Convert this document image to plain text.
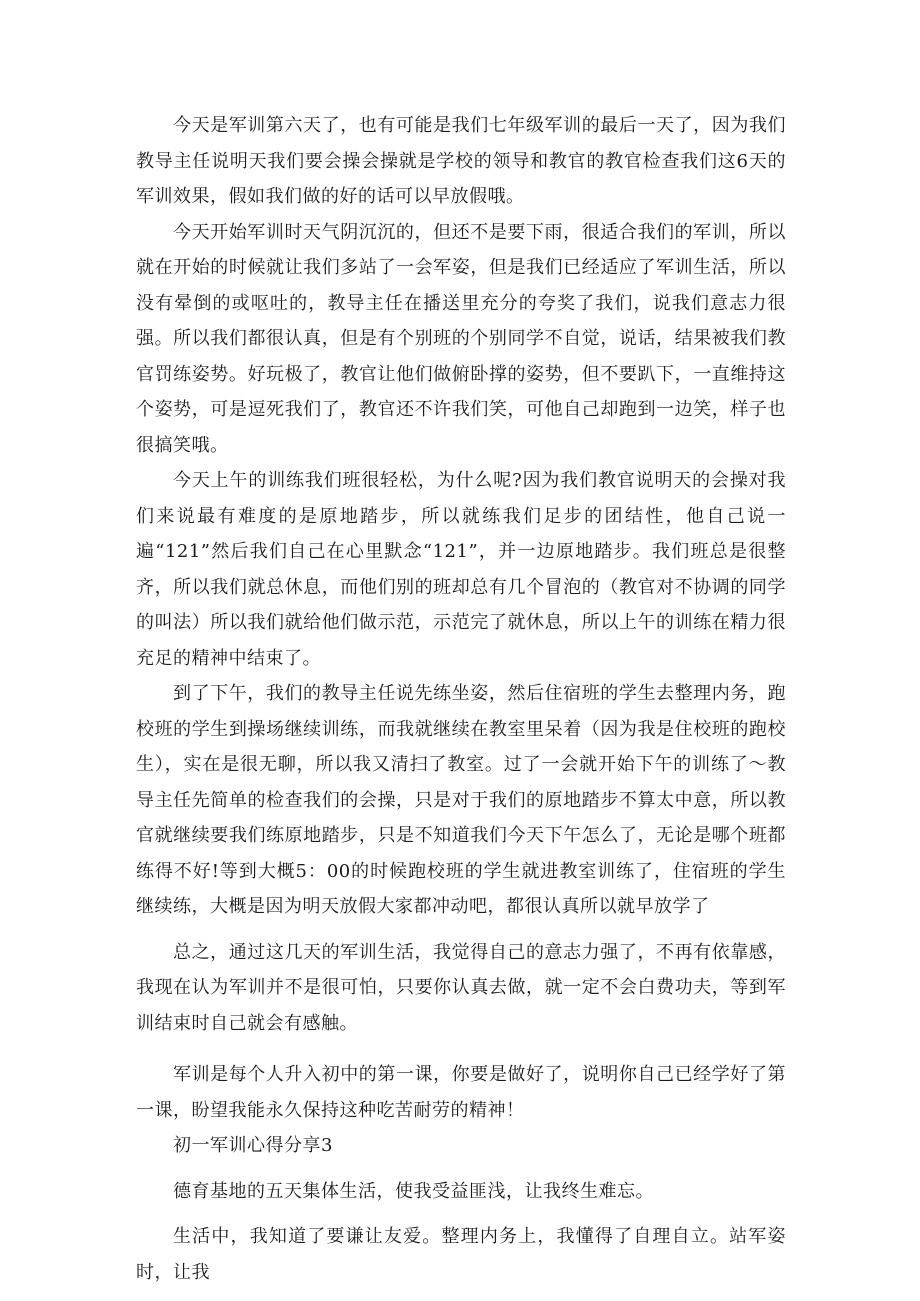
今天是军训第六天了，也有可能是我们七年级军训的最后一天了，因为我们教导主任说明天我们要会操会操就是学校的领导和教官的教官检查我们这6天的军训效果，假如我们做的好的话可以早放假哦。

今天开始军训时天气阴沉沉的，但还不是要下雨，很适合我们的军训，所以就在开始的时候就让我们多站了一会军姿，但是我们已经适应了军训生活，所以没有晕倒的或呕吐的，教导主任在播送里充分的夸奖了我们，说我们意志力很强。所以我们都很认真，但是有个别班的个别同学不自觉，说话，结果被我们教官罚练姿势。好玩极了，教官让他们做俯卧撑的姿势，但不要趴下，一直维持这个姿势，可是逗死我们了，教官还不许我们笑，可他自己却跑到一边笑，样子也很搞笑哦。

今天上午的训练我们班很轻松，为什么呢?因为我们教官说明天的会操对我们来说最有难度的是原地踏步，所以就练我们足步的团结性，他自己说一遍“121”然后我们自己在心里默念“121”，并一边原地踏步。我们班总是很整齐，所以我们就总休息，而他们别的班却总有几个冒泡的（教官对不协调的同学的叫法）所以我们就给他们做示范，示范完了就休息，所以上午的训练在精力很充足的精神中结束了。

到了下午，我们的教导主任说先练坐姿，然后住宿班的学生去整理内务，跑校班的学生到操场继续训练，而我就继续在教室里呆着（因为我是住校班的跑校生），实在是很无聊，所以我又清扫了教室。过了一会就开始下午的训练了～教导主任先简单的检查我们的会操，只是对于我们的原地踏步不算太中意，所以教官就继续要我们练原地踏步，只是不知道我们今天下午怎么了，无论是哪个班都练得不好!等到大概5：00的时候跑校班的学生就进教室训练了，住宿班的学生继续练，大概是因为明天放假大家都冲动吧，都很认真所以就早放学了

总之，通过这几天的军训生活，我觉得自己的意志力强了，不再有依靠感，我现在认为军训并不是很可怕，只要你认真去做，就一定不会白费功夫，等到军训结束时自己就会有感触。

军训是每个人升入初中的第一课，你要是做好了，说明你自己已经学好了第一课，盼望我能永久保持这种吃苦耐劳的精神！

初一军训心得分享3

德育基地的五天集体生活，使我受益匪浅，让我终生难忘。

生活中，我知道了要谦让友爱。整理内务上，我懂得了自理自立。站军姿时，让我
